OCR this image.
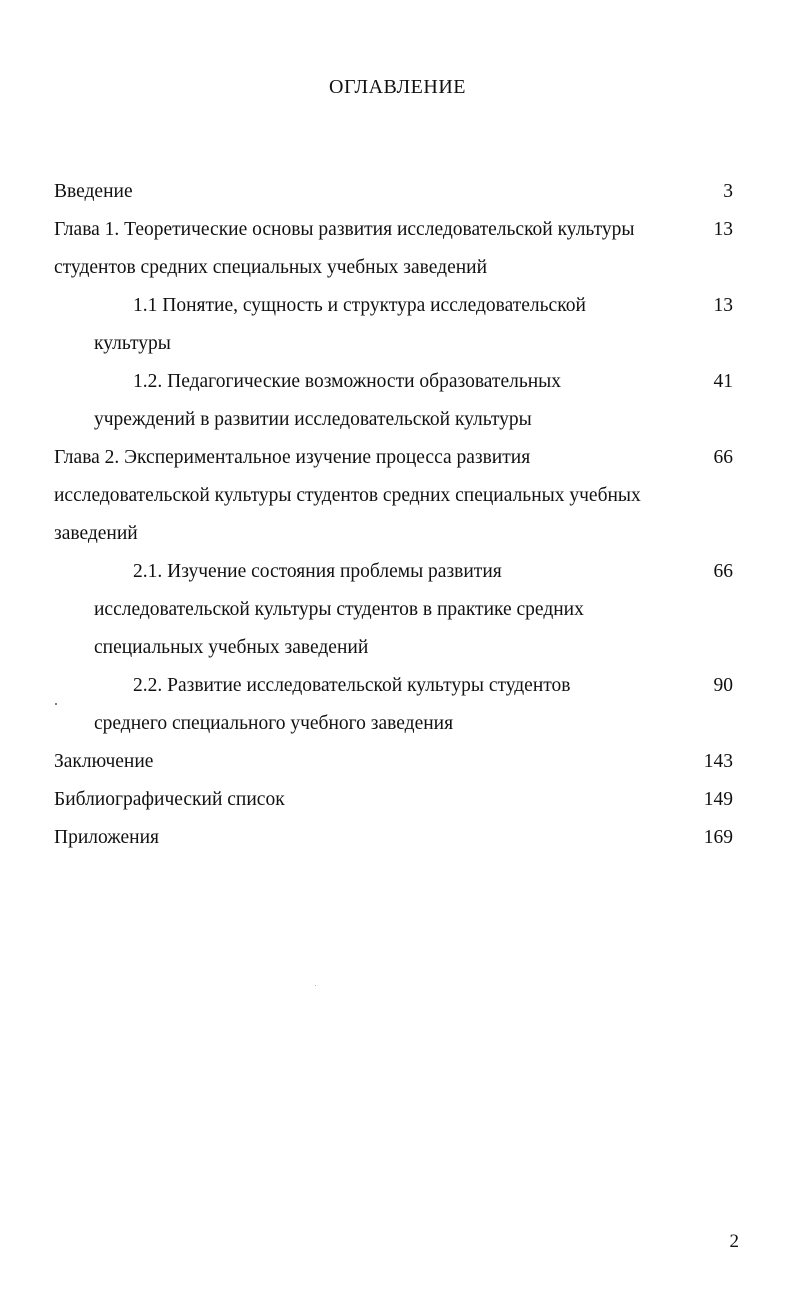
ОГЛАВЛЕНИЕ
Введение	3
Глава 1. Теоретические основы развития исследовательской культуры	13
студентов средних специальных учебных заведений
1.1 Понятие, сущность и структура исследовательской	13
культуры
1.2. Педагогические возможности образовательных	41
учреждений в развитии исследовательской культуры
Глава 2. Экспериментальное изучение процесса развития	66
исследовательской культуры студентов средних специальных учебных
заведений
2.1. Изучение состояния проблемы развития	66
исследовательской культуры студентов в практике средних
специальных учебных заведений
2.2. Развитие исследовательской культуры студентов	90
среднего специального учебного заведения
Заключение	143
Библиографический список	149
Приложения	169
2
